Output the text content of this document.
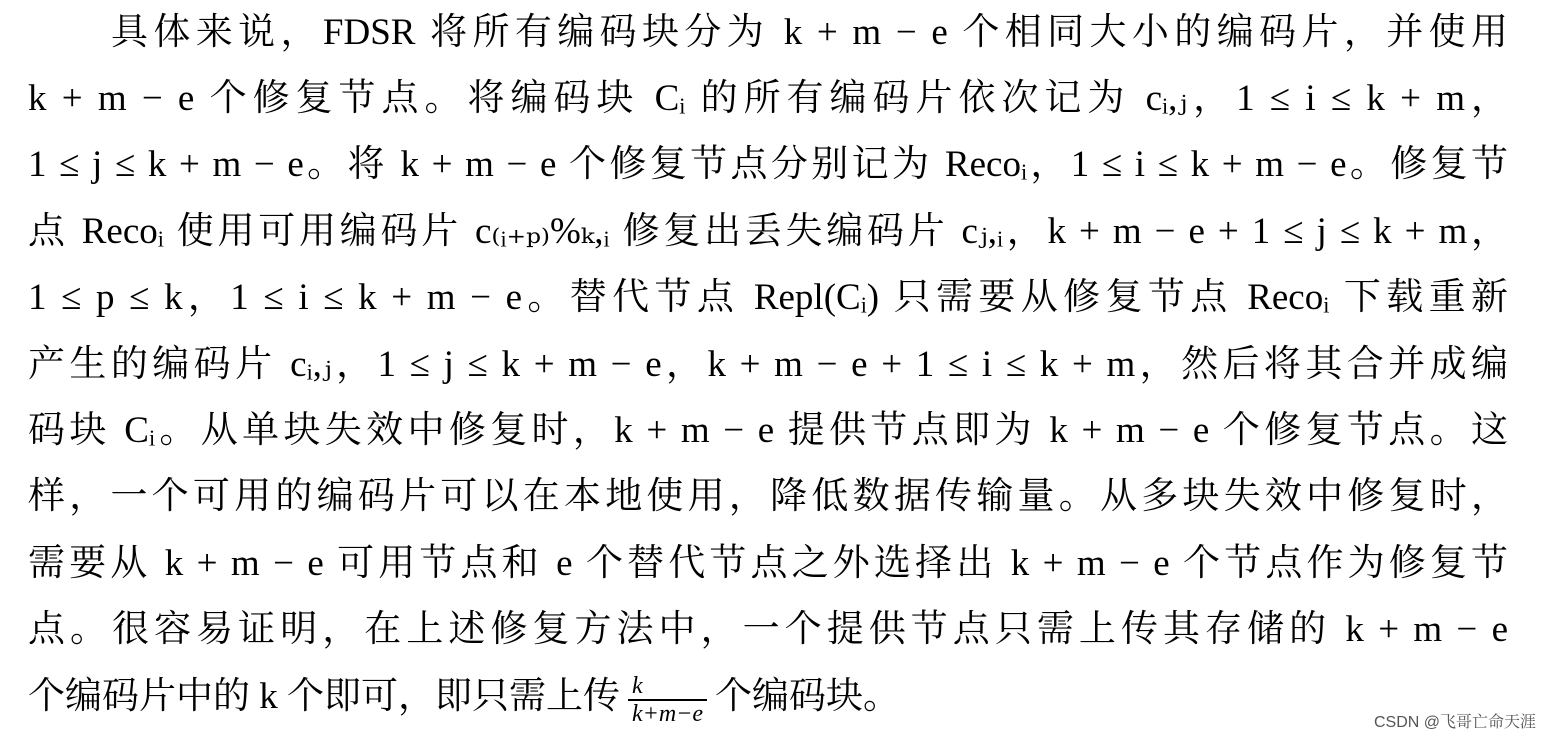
具体来说，FDSR 将所有编码块分为 k + m − e 个相同大小的编码片，并使用
k + m − e 个修复节点。将编码块 Cᵢ 的所有编码片依次记为 cᵢ,ⱼ，1 ≤ i ≤ k + m，
1 ≤ j ≤ k + m − e。将 k + m − e 个修复节点分别记为 Recoᵢ，1 ≤ i ≤ k + m − e。修复节
点 Recoᵢ 使用可用编码片 c₍ᵢ₊ₚ₎%ₖ,ᵢ 修复出丢失编码片 cⱼ,ᵢ，k + m − e + 1 ≤ j ≤ k + m，
1 ≤ p ≤ k，1 ≤ i ≤ k + m − e。替代节点 Repl(Cᵢ) 只需要从修复节点 Recoᵢ 下载重新
产生的编码片 cᵢ,ⱼ，1 ≤ j ≤ k + m − e，k + m − e + 1 ≤ i ≤ k + m，然后将其合并成编
码块 Cᵢ。从单块失效中修复时，k + m − e 提供节点即为 k + m − e 个修复节点。这
样，一个可用的编码片可以在本地使用，降低数据传输量。从多块失效中修复时，
需要从 k + m − e 可用节点和 e 个替代节点之外选择出 k + m − e 个节点作为修复节
点。很容易证明，在上述修复方法中，一个提供节点只需上传其存储的 k + m − e
个编码片中的 k 个即可，即只需上传 $\frac{k}{k+m-e}$ 个编码块。
CSDN @飞哥亡命天涯
